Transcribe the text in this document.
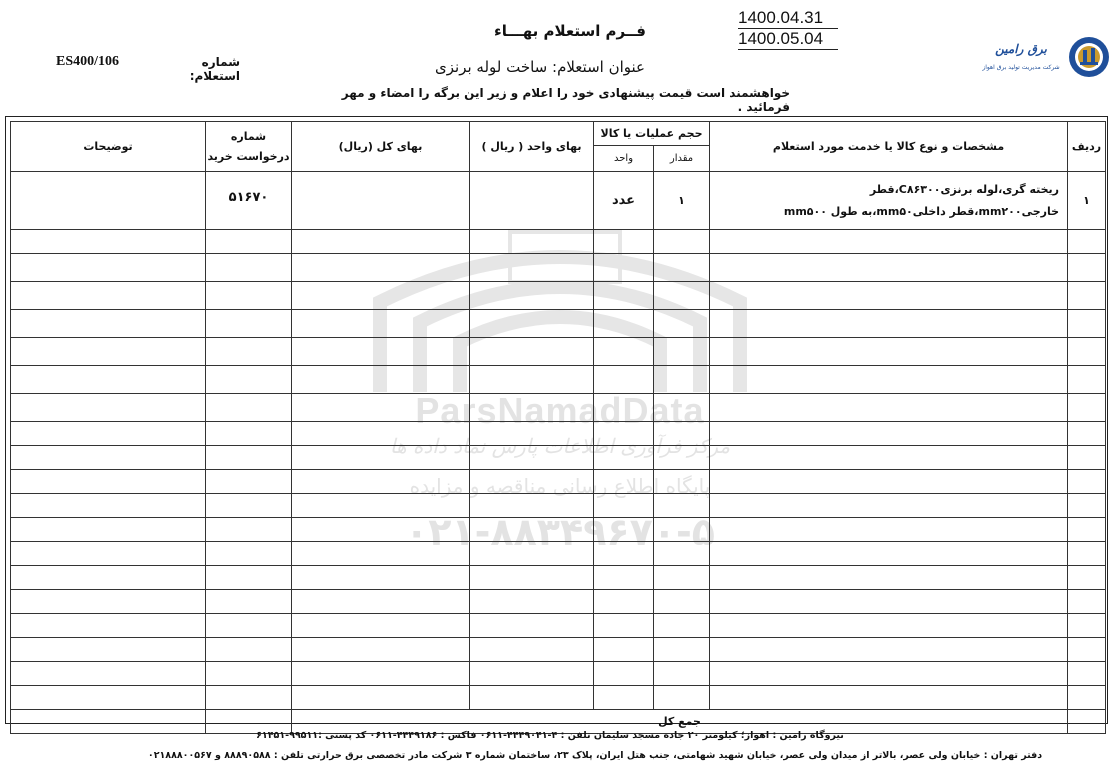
1400.04.31
1400.05.04
فــرم استعلام بهـــاء
عنوان استعلام: ساخت لوله برنزی
خواهشمند است قیمت پیشنهادی خود را اعلام و زیر این برگه را امضاء و مهر فرمائید .
شماره استعلام:
ES400/106
برق رامین
شرکت مدیریت تولید برق اهواز
ParsNamadData
مرکز فرآوری اطلاعات پارس نماد داده ها
پایگاه اطلاع رسانی مناقصه و مزایده
۰۲۱-۸۸۳۴۹۶۷۰-۵
ردیف	مشخصات و نوع کالا یا خدمت مورد استعلام	حجم عملیات یا کالا		بهای واحد ( ریال )	بهای کل (ریال)	شماره درخواست خرید	توضیحات
		مقدار	واحد				
۱	ریخته گری،لوله برنزیC۸۶۳۰۰،قطر
خارجیmm۲۰۰،قطر داخلیmm۵۰،به طول mm۵۰۰	۱	عدد			۵۱۶۷۰	

	جمع کل						
نیروگاه رامین : اهواز؛ کیلومتر ۲۰ جاده مسجد سلیمان تلفن : ۴-۴۴۴۹۰۴۱-۰۶۱۱ فاکس : ۴۴۴۹۱۸۶-۰۶۱۱ کد پستی :۹۹۵۱۱-۶۱۴۵۱
دفتر تهران : خیابان ولی عصر، بالاتر از میدان ولی عصر، خیابان شهید شهامتی، جنب هتل ایران، پلاک ۲۳، ساختمان شماره ۳ شرکت مادر تخصصی برق حرارتی تلفن : ۸۸۸۹۰۵۸۸ و ۰۲۱۸۸۸۰۰۵۶۷
